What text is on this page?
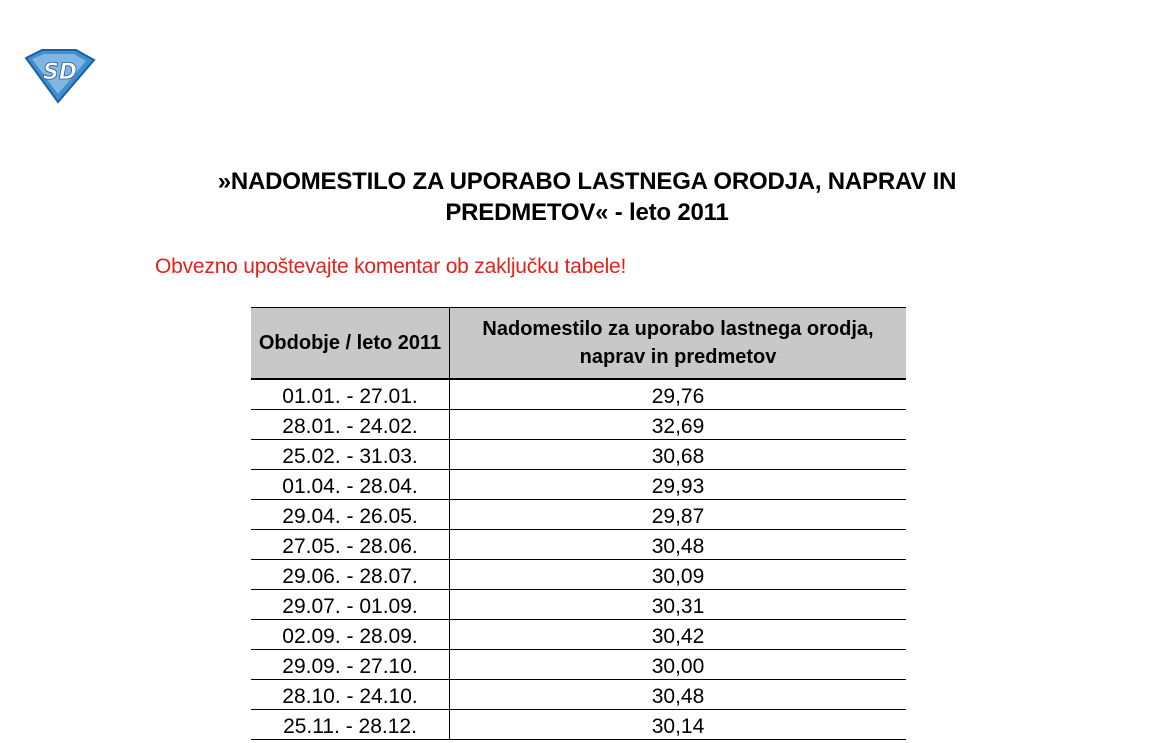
SD
»NADOMESTILO ZA UPORABO LASTNEGA ORODJA, NAPRAV IN
PREDMETOV« - leto 2011
Obvezno upoštevajte komentar ob zaključku tabele!
Obdobje / leto 2011	Nadomestilo za uporabo lastnega orodja, naprav in predmetov
01.01. - 27.01.	29,76
28.01. - 24.02.	32,69
25.02. - 31.03.	30,68
01.04. - 28.04.	29,93
29.04. - 26.05.	29,87
27.05. - 28.06.	30,48
29.06. - 28.07.	30,09
29.07. - 01.09.	30,31
02.09. - 28.09.	30,42
29.09. - 27.10.	30,00
28.10. - 24.10.	30,48
25.11. - 28.12.	30,14
